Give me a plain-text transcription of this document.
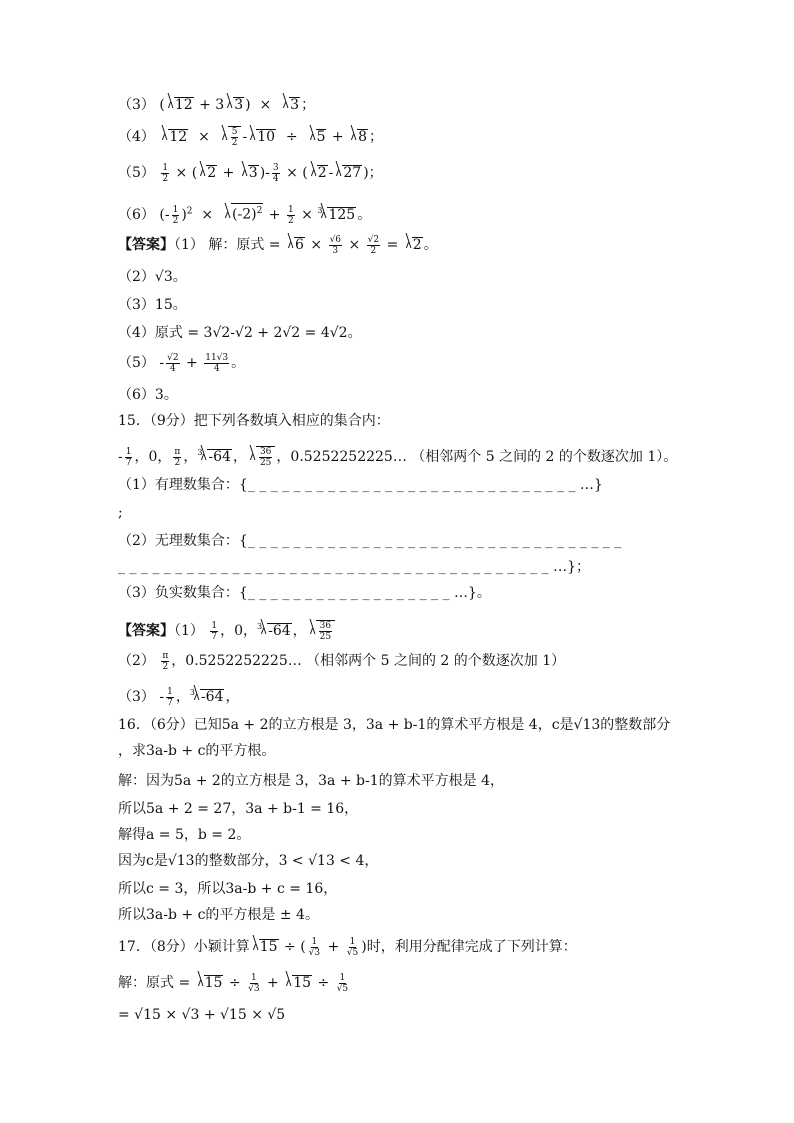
（3） ( 12 + 3 3 )  ×  3 ；
（4） $12 \times \frac{5}{2} - 10 \div 5 + 8$ ；
$(5) \frac{1}{2}$ × ( 2 + 3 )- $\frac{3}{4}$ × ( 2 - 27 )；
（6） (- $\frac{1}{2} )^2 \times (-2)^2 + \frac{1}{2} \times ^3$ 125 。
【答案】（1） 解：原式 = $6 \times \frac{√6}{3} \times \frac{√2}{2} = 2$ 。
（2）√3。
（3）15。
（4）原式 = 3√2-√2 + 2√2 = 4√2。
$(5) - \frac{√2}{4} + \frac{11√3}{4}$ 。
（6）3。
15．（9分）把下列各数填入相应的集合内：
- $\frac{1}{7}$ ，0， $\frac{\pi}{2}$ ，$^3$ -64 ， $\frac{36}{25}$ ，0.5252252225… （相邻两个 5 之间的 2 的个数逐次加 1）。
（1）有理数集合：{_ _ _ _ _ _ _ _ _ _ _ _ _ _ _ _ _ _ _ _ _ _ _ _ _ _ _ _ _ …}
;
（2）无理数集合：{_ _ _ _ _ _ _ _ _ _ _ _ _ _ _ _ _ _ _ _ _ _ _ _ _ _ _ _ _ _ _ _ _
_ _ _ _ _ _ _ _ _ _ _ _ _ _ _ _ _ _ _ _ _ _ _ _ _ _ _ _ _ _ _ _ _ _ _ _ _ _ …}；
（3）负实数集合：{_ _ _ _ _ _ _ _ _ _ _ _ _ _ _ _ _ _ …}。
【答案】$(1) \frac{1}{7}$ ，0，$^3$ -64 ， $\frac{36}{25}$
$(2) \frac{\pi}{2}$ ，0.5252252225… （相邻两个 5 之间的 2 的个数逐次加 1）
$(3) - \frac{1}{7}$ ，$^3$ -64 ，
16．（6分）已知5a + 2的立方根是 3，3a + b-1的算术平方根是 4，c是√13的整数部分
，求3a-b + c的平方根。
解：因为5a + 2的立方根是 3，3a + b-1的算术平方根是 4，
所以5a + 2 = 27，3a + b-1 = 16，
解得a = 5，b = 2。
因为c是√13的整数部分，3 < √13 < 4，
所以c = 3，所以3a-b + c = 16，
所以3a-b + c的平方根是 ± 4。
17．（8分）小颖计算 15 ÷ ( $\frac{1}{√3} + \frac{1}{√5}$ )时，利用分配律完成了下列计算：
解：原式 = $15 \div \frac{1}{√3} + 15 \div \frac{1}{√5}$
= √15 × √3 + √15 × √5
